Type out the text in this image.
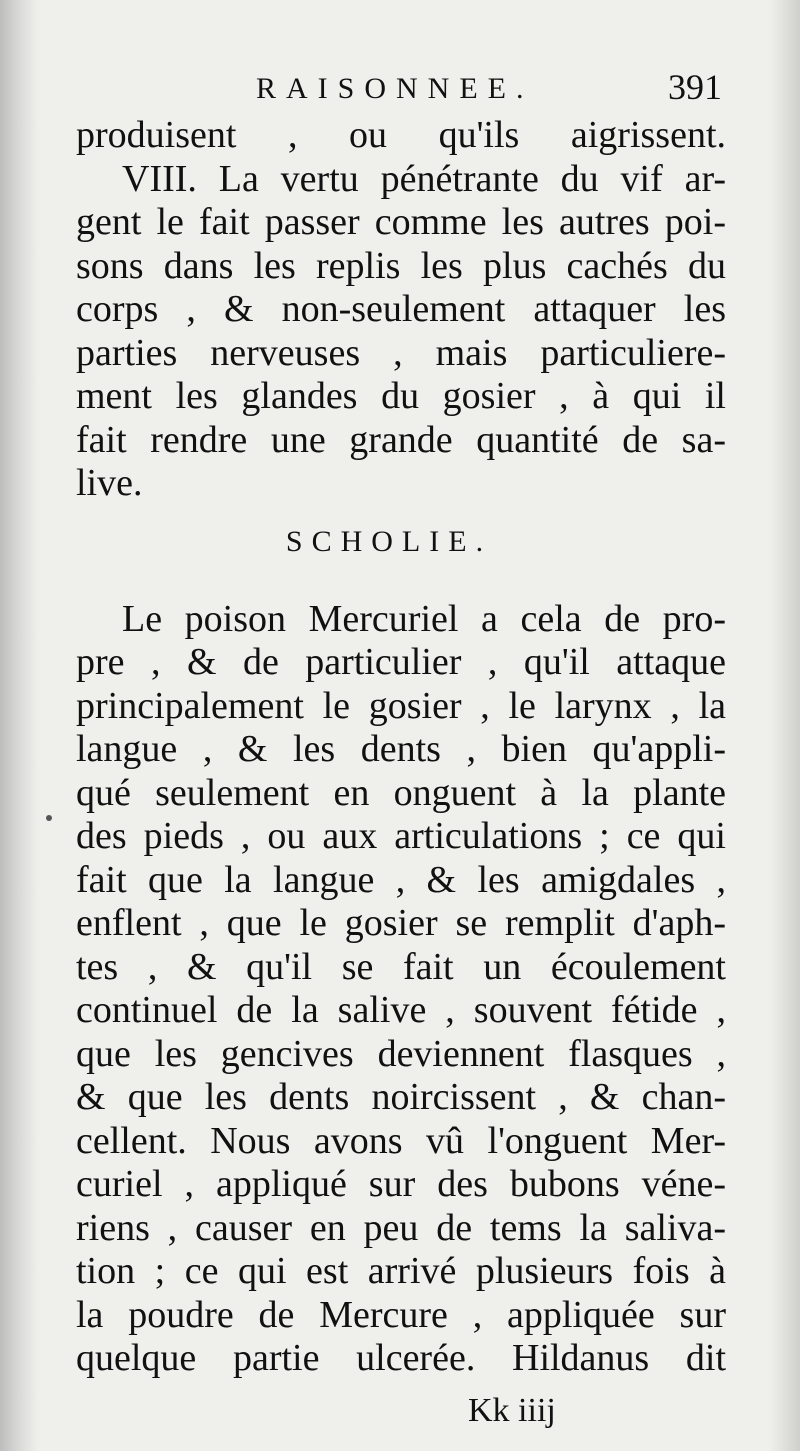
RAISONNEE.	391
produisent , ou qu'ils aigrissent.
VIII. La vertu pénétrante du vif ar-
gent le fait passer comme les autres poi-
sons dans les replis les plus cachés du
corps , & non-seulement attaquer les
parties nerveuses , mais particuliere-
ment les glandes du gosier , à qui il
fait rendre une grande quantité de sa-
live.
SCHOLIE.
Le poison Mercuriel a cela de pro-
pre , & de particulier , qu'il attaque
principalement le gosier , le larynx , la
langue , & les dents , bien qu'appli-
qué seulement en onguent à la plante
des pieds , ou aux articulations ; ce qui
fait que la langue , & les amigdales ,
enflent , que le gosier se remplit d'aph-
tes , & qu'il se fait un écoulement
continuel de la salive , souvent fétide ,
que les gencives deviennent flasques ,
& que les dents noircissent , & chan-
cellent. Nous avons vû l'onguent Mer-
curiel , appliqué sur des bubons véne-
riens , causer en peu de tems la saliva-
tion ; ce qui est arrivé plusieurs fois à
la poudre de Mercure , appliquée sur
quelque partie ulcerée. Hildanus dit
Kk iiij
